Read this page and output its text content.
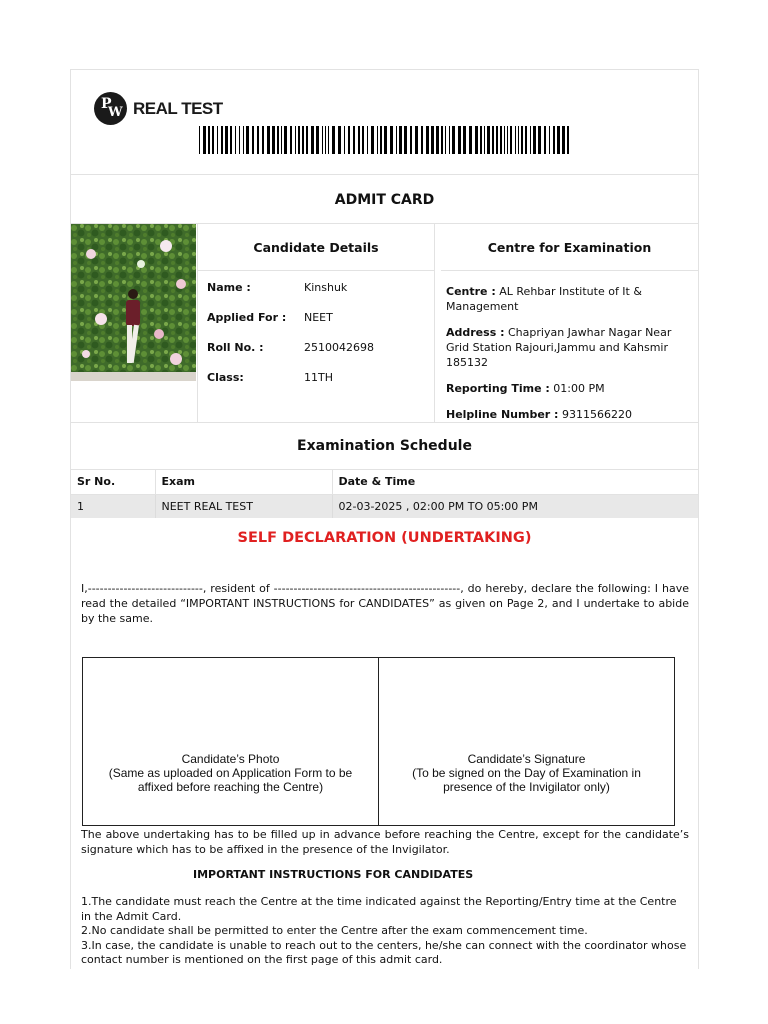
P
W REAL TEST
ADMIT CARD
Candidate Details
Name :	Kinshuk
Applied For : NEET
Roll No. :	2510042698
Class:	11TH
Centre for Examination

Centre : AL Rehbar Institute of It & Management

Address : Chapriyan Jawhar Nagar Near Grid Station Rajouri,Jammu and Kahsmir 185132

Reporting Time : 01:00 PM

Helpline Number : 9311566220

Examination Schedule
Sr No.	Exam	Date & Time
1	NEET REAL TEST	02-03-2025 , 02:00 PM TO 05:00 PM
SELF DECLARATION (UNDERTAKING)
I,-----------------------------, resident of -----------------------------------------------, do hereby, declare the following: I have read the detailed “IMPORTANT INSTRUCTIONS for CANDIDATES” as given on Page 2, and I undertake to abide by the same.
Candidate’s Photo
(Same as uploaded on Application Form to be
affixed before reaching the Centre)
Candidate’s Signature
(To be signed on the Day of Examination in
presence of the Invigilator only)
The above undertaking has to be filled up in advance before reaching the Centre, except for the candidate’s signature which has to be affixed in the presence of the Invigilator.
IMPORTANT INSTRUCTIONS FOR CANDIDATES
1.The candidate must reach the Centre at the time indicated against the Reporting/Entry time at the Centre in the Admit Card.
2.No candidate shall be permitted to enter the Centre after the exam commencement time.
3.In case, the candidate is unable to reach out to the centers, he/she can connect with the coordinator whose contact number is mentioned on the first page of this admit card.
